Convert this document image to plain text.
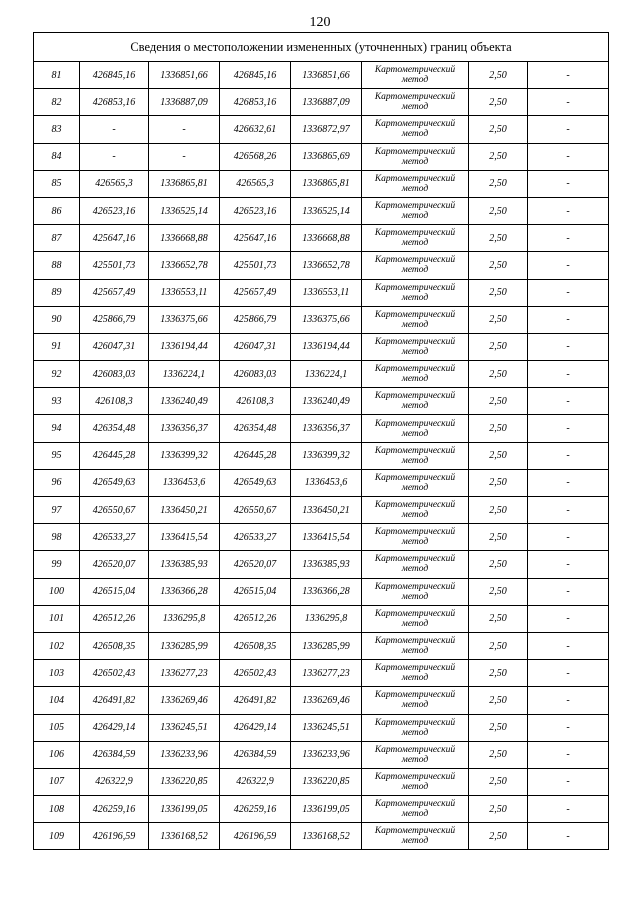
120
Сведения о местоположении измененных (уточненных) границ объекта							
81	426845,16	1336851,66	426845,16	1336851,66	Картометрический метод	2,50	-
82	426853,16	1336887,09	426853,16	1336887,09	Картометрический метод	2,50	-
83	-	-	426632,61	1336872,97	Картометрический метод	2,50	-
84	-	-	426568,26	1336865,69	Картометрический метод	2,50	-
85	426565,3	1336865,81	426565,3	1336865,81	Картометрический метод	2,50	-
86	426523,16	1336525,14	426523,16	1336525,14	Картометрический метод	2,50	-
87	425647,16	1336668,88	425647,16	1336668,88	Картометрический метод	2,50	-
88	425501,73	1336652,78	425501,73	1336652,78	Картометрический метод	2,50	-
89	425657,49	1336553,11	425657,49	1336553,11	Картометрический метод	2,50	-
90	425866,79	1336375,66	425866,79	1336375,66	Картометрический метод	2,50	-
91	426047,31	1336194,44	426047,31	1336194,44	Картометрический метод	2,50	-
92	426083,03	1336224,1	426083,03	1336224,1	Картометрический метод	2,50	-
93	426108,3	1336240,49	426108,3	1336240,49	Картометрический метод	2,50	-
94	426354,48	1336356,37	426354,48	1336356,37	Картометрический метод	2,50	-
95	426445,28	1336399,32	426445,28	1336399,32	Картометрический метод	2,50	-
96	426549,63	1336453,6	426549,63	1336453,6	Картометрический метод	2,50	-
97	426550,67	1336450,21	426550,67	1336450,21	Картометрический метод	2,50	-
98	426533,27	1336415,54	426533,27	1336415,54	Картометрический метод	2,50	-
99	426520,07	1336385,93	426520,07	1336385,93	Картометрический метод	2,50	-
100	426515,04	1336366,28	426515,04	1336366,28	Картометрический метод	2,50	-
101	426512,26	1336295,8	426512,26	1336295,8	Картометрический метод	2,50	-
102	426508,35	1336285,99	426508,35	1336285,99	Картометрический метод	2,50	-
103	426502,43	1336277,23	426502,43	1336277,23	Картометрический метод	2,50	-
104	426491,82	1336269,46	426491,82	1336269,46	Картометрический метод	2,50	-
105	426429,14	1336245,51	426429,14	1336245,51	Картометрический метод	2,50	-
106	426384,59	1336233,96	426384,59	1336233,96	Картометрический метод	2,50	-
107	426322,9	1336220,85	426322,9	1336220,85	Картометрический метод	2,50	-
108	426259,16	1336199,05	426259,16	1336199,05	Картометрический метод	2,50	-
109	426196,59	1336168,52	426196,59	1336168,52	Картометрический метод	2,50	-
